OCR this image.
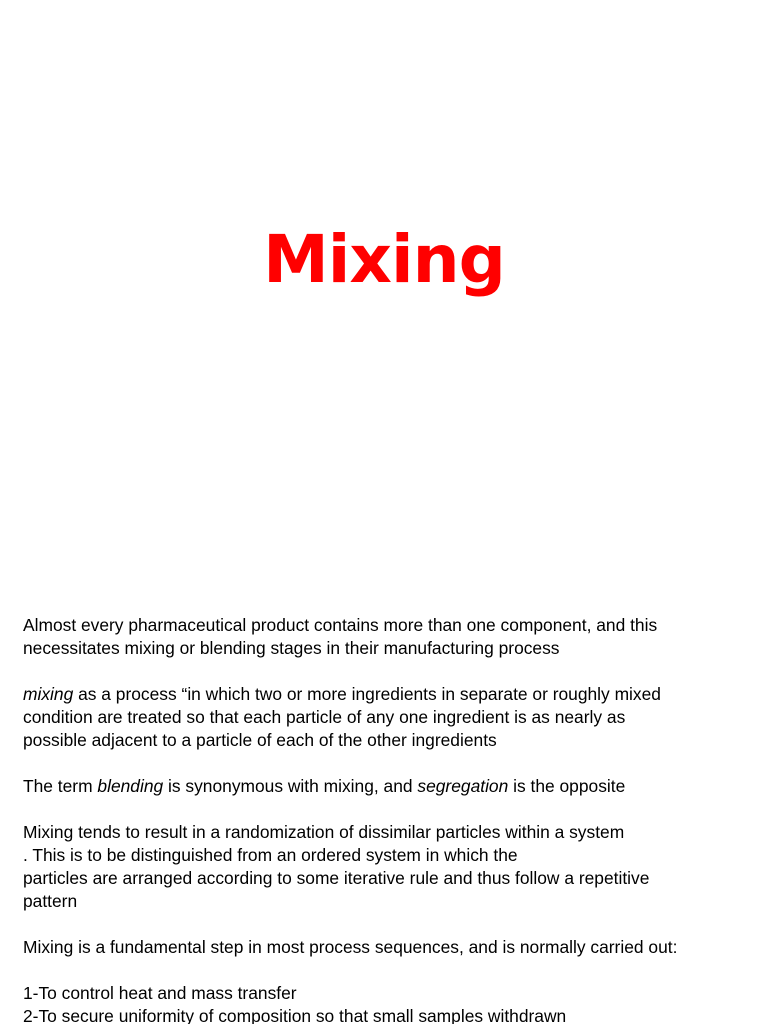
Mixing

Almost every pharmaceutical product contains more than one component, and this
necessitates mixing or blending stages in their manufacturing process

mixing as a process “in which two or more ingredients in separate or roughly mixed
condition are treated so that each particle of any one ingredient is as nearly as
possible adjacent to a particle of each of the other ingredients

The term blending is synonymous with mixing, and segregation is the opposite

Mixing tends to result in a randomization of dissimilar particles within a system
. This is to be distinguished from an ordered system in which the
particles are arranged according to some iterative rule and thus follow a repetitive
pattern

Mixing is a fundamental step in most process sequences, and is normally carried out:

1-To control heat and mass transfer
2-To secure uniformity of composition so that small samples withdrawn
